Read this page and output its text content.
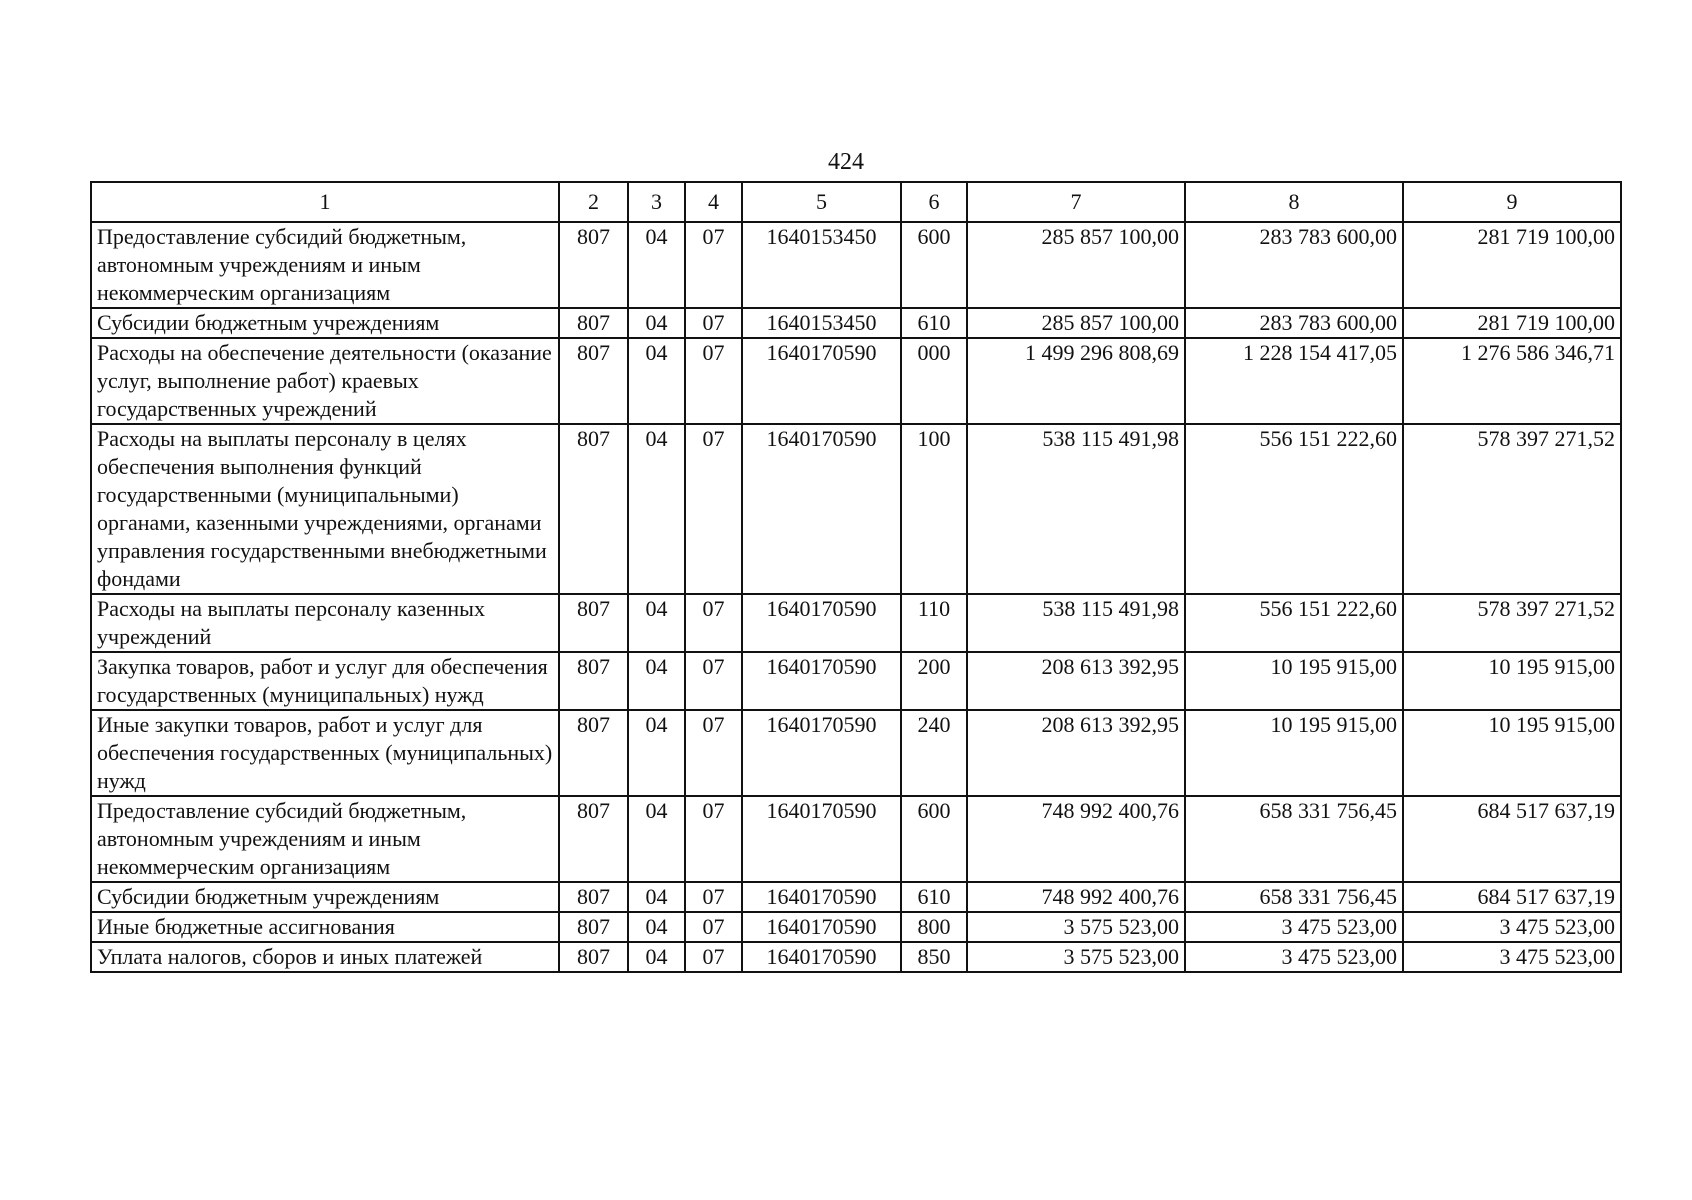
424
1	2	3	4	5	6	7	8	9
Предоставление субсидий бюджетным, автономным учреждениям и иным некоммерческим организациям	807	04	07	1640153450	600	285 857 100,00	283 783 600,00	281 719 100,00
Субсидии бюджетным учреждениям	807	04	07	1640153450	610	285 857 100,00	283 783 600,00	281 719 100,00
Расходы на обеспечение деятельности (оказание услуг, выполнение работ) краевых государственных учреждений	807	04	07	1640170590	000	1 499 296 808,69	1 228 154 417,05	1 276 586 346,71
Расходы на выплаты персоналу в целях обеспечения выполнения функций государственными (муниципальными) органами, казенными учреждениями, органами управления государственными внебюджетными фондами	807	04	07	1640170590	100	538 115 491,98	556 151 222,60	578 397 271,52
Расходы на выплаты персоналу казенных учреждений	807	04	07	1640170590	110	538 115 491,98	556 151 222,60	578 397 271,52
Закупка товаров, работ и услуг для обеспечения государственных (муниципальных) нужд	807	04	07	1640170590	200	208 613 392,95	10 195 915,00	10 195 915,00
Иные закупки товаров, работ и услуг для обеспечения государственных (муниципальных) нужд	807	04	07	1640170590	240	208 613 392,95	10 195 915,00	10 195 915,00
Предоставление субсидий бюджетным, автономным учреждениям и иным некоммерческим организациям	807	04	07	1640170590	600	748 992 400,76	658 331 756,45	684 517 637,19
Субсидии бюджетным учреждениям	807	04	07	1640170590	610	748 992 400,76	658 331 756,45	684 517 637,19
Иные бюджетные ассигнования	807	04	07	1640170590	800	3 575 523,00	3 475 523,00	3 475 523,00
Уплата налогов, сборов и иных платежей	807	04	07	1640170590	850	3 575 523,00	3 475 523,00	3 475 523,00
